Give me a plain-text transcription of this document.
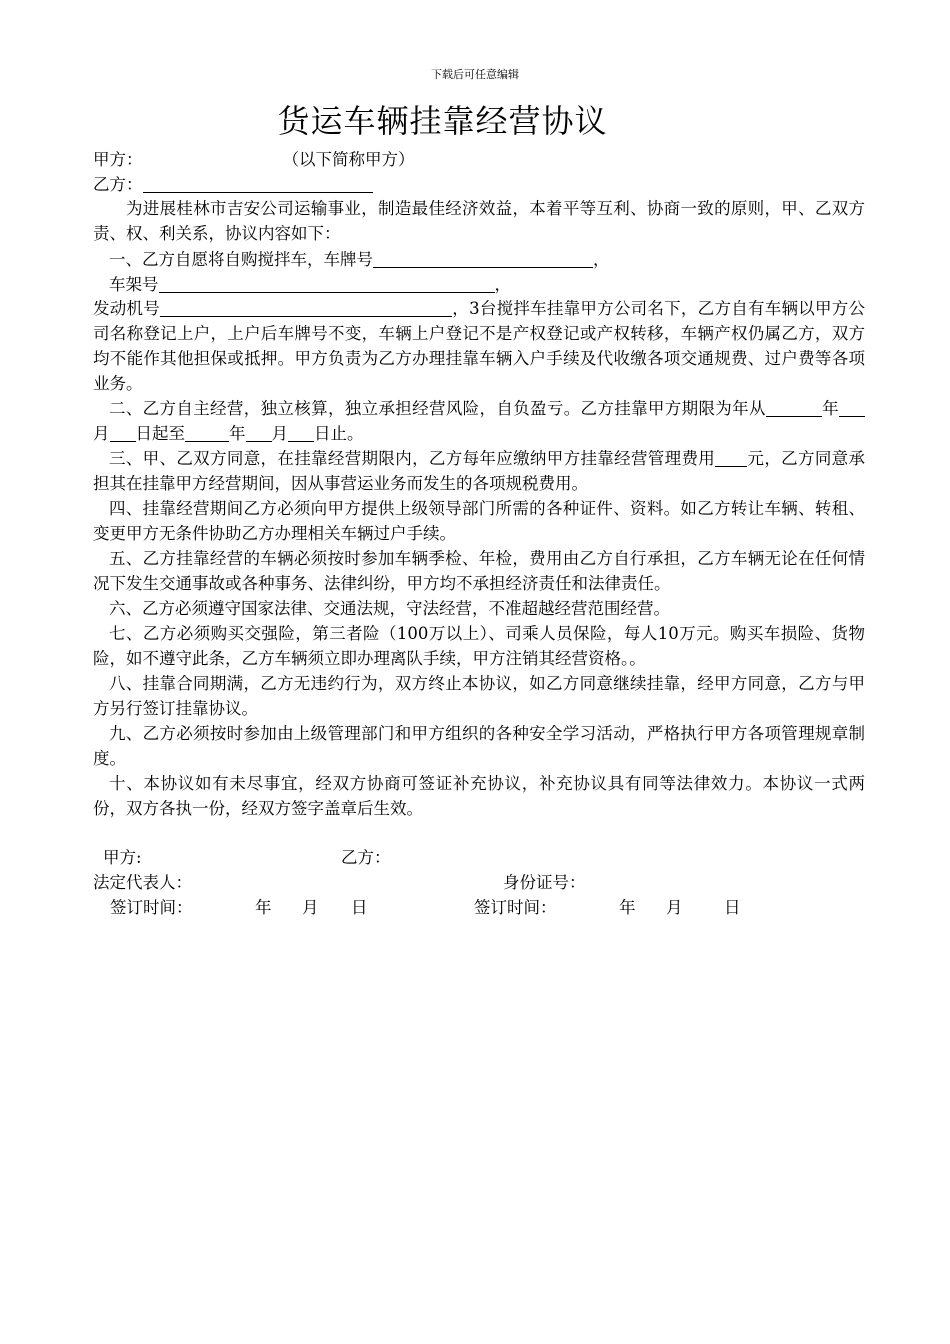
下载后可任意编辑
货运车辆挂靠经营协议
甲方：	（以下简称甲方）
乙方：

为进展桂林市吉安公司运输事业，制造最佳经济效益，本着平等互利、协商一致的原则，甲、乙双方责、权、利关系，协议内容如下：

一、乙方自愿将自购搅拌车，车牌号	，
车架号	，

发动机号	，3台搅拌车挂靠甲方公司名下，乙方自有车辆以甲方公司名称登记上户，上户后车牌号不变，车辆上户登记不是产权登记或产权转移，车辆产权仍属乙方，双方均不能作其他担保或抵押。甲方负责为乙方办理挂靠车辆入户手续及代收缴各项交通规费、过户费等各项业务。

二、乙方自主经营，独立核算，独立承担经营风险，自负盈亏。乙方挂靠甲方期限为年从	年月 日起至	年 月 日止。

三、甲、乙双方同意，在挂靠经营期限内，乙方每年应缴纳甲方挂靠经营管理费用 元，乙方同意承担其在挂靠甲方经营期间，因从事营运业务而发生的各项规税费用。

四、挂靠经营期间乙方必须向甲方提供上级领导部门所需的各种证件、资料。如乙方转让车辆、转租、变更甲方无条件协助乙方办理相关车辆过户手续。

五、乙方挂靠经营的车辆必须按时参加车辆季检、年检，费用由乙方自行承担，乙方车辆无论在任何情况下发生交通事故或各种事务、法律纠纷，甲方均不承担经济责任和法律责任。

六、乙方必须遵守国家法律、交通法规，守法经营，不准超越经营范围经营。

七、乙方必须购买交强险，第三者险（100万以上）、司乘人员保险，每人10万元。购买车损险、货物险，如不遵守此条，乙方车辆须立即办理离队手续，甲方注销其经营资格。。

八、挂靠合同期满，乙方无违约行为，双方终止本协议，如乙方同意继续挂靠，经甲方同意，乙方与甲方另行签订挂靠协议。

九、乙方必须按时参加由上级管理部门和甲方组织的各种安全学习活动，严格执行甲方各项管理规章制度。

十、本协议如有未尽事宜，经双方协商可签证补充协议，补充协议具有同等法律效力。本协议一式两份，双方各执一份，经双方签字盖章后生效。

甲方:	乙方：
法定代表人：	身份证号：
签订时间：	年 月 日	签订时间：	年 月	日
